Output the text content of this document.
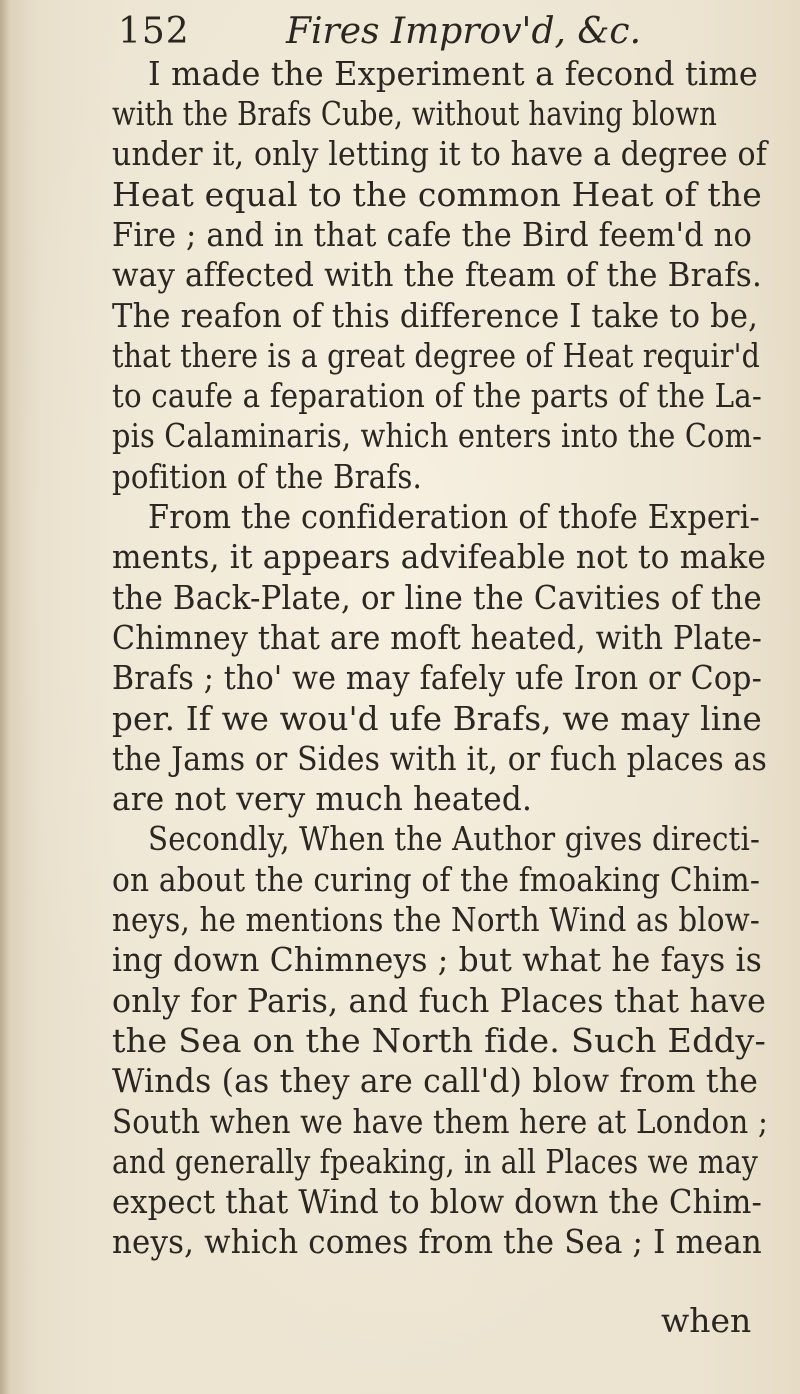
152	Fires Improv'd, &c.
I made the Experiment a fecond time
with the Brafs Cube, without having blown
under it, only letting it to have a degree of
Heat equal to the common Heat of the
Fire ; and in that cafe the Bird feem'd no
way affected with the fteam of the Brafs.
The reafon of this difference I take to be,
that there is a great degree of Heat requir'd
to caufe a feparation of the parts of the La-
pis Calaminaris, which enters into the Com-
pofition of the Brafs.
From the confideration of thofe Experi-
ments, it appears advifeable not to make
the Back-Plate, or line the Cavities of the
Chimney that are moft heated, with Plate-
Brafs ; tho' we may fafely ufe Iron or Cop-
per. If we wou'd ufe Brafs, we may line
the Jams or Sides with it, or fuch places as
are not very much heated.
Secondly, When the Author gives directi-
on about the curing of the fmoaking Chim-
neys, he mentions the North Wind as blow-
ing down Chimneys ; but what he fays is
only for Paris, and fuch Places that have
the Sea on the North fide. Such Eddy-
Winds (as they are call'd) blow from the
South when we have them here at London ;
and generally fpeaking, in all Places we may
expect that Wind to blow down the Chim-
neys, which comes from the Sea ; I mean
when
